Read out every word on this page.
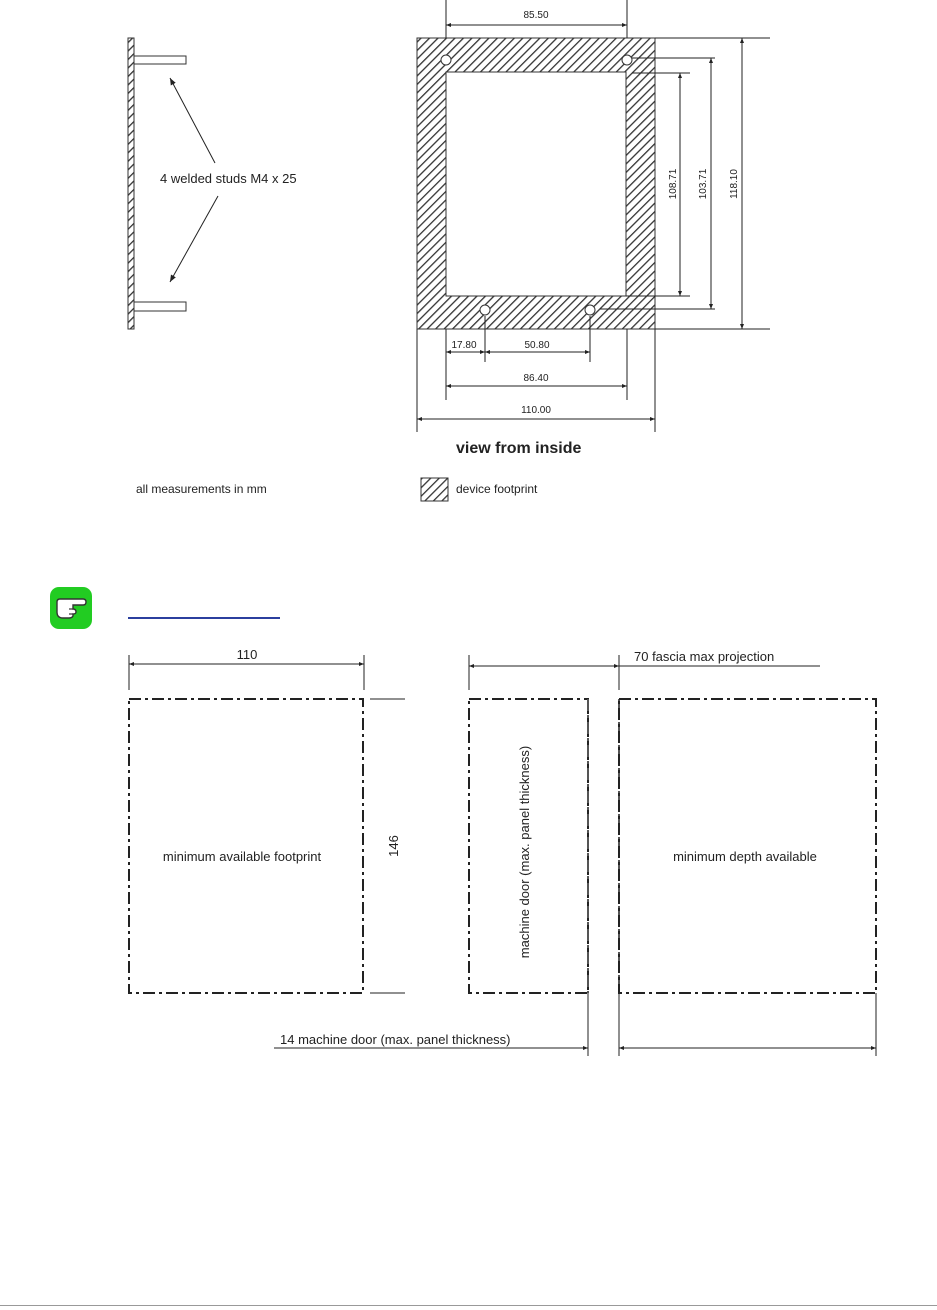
4 welded studs M4 x 25
85.50
108.71 103.71 118.10
17.80	50.80
86.40
110.00
view from inside
all measurements in mm	device footprint
110
minimum available footprint	146
70 fascia max projection
machine door (max. panel thickness)	minimum depth available
14 machine door (max. panel thickness)
